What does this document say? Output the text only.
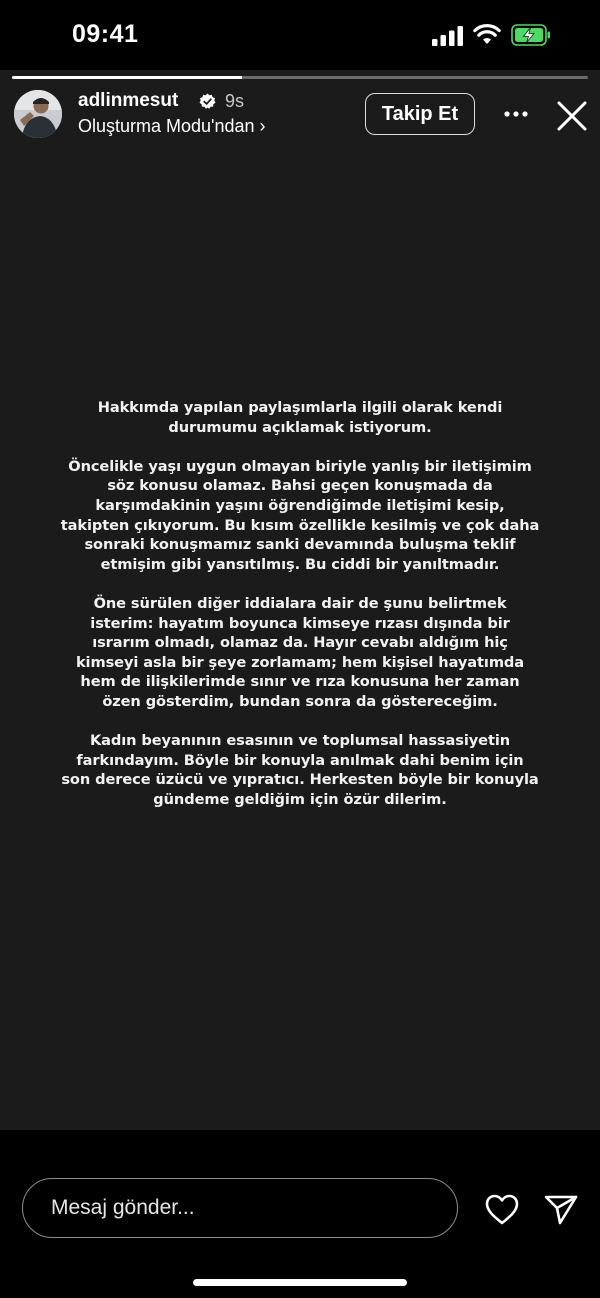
09:41
adlinmesut	9s
Oluşturma Modu'ndan ›
Takip Et

Hakkımda yapılan paylaşımlarla ilgili olarak kendi durumumu açıklamak istiyorum.

Öncelikle yaşı uygun olmayan biriyle yanlış bir iletişimim söz konusu olamaz. Bahsi geçen konuşmada da karşımdakinin yaşını öğrendiğimde iletişimi kesip, takipten çıkıyorum. Bu kısım özellikle kesilmiş ve çok daha sonraki konuşmamız sanki devamında buluşma teklif etmişim gibi yansıtılmış. Bu ciddi bir yanıltmadır.

Öne sürülen diğer iddialara dair de şunu belirtmek isterim: hayatım boyunca kimseye rızası dışında bir ısrarım olmadı, olamaz da. Hayır cevabı aldığım hiç kimseyi asla bir şeye zorlamam; hem kişisel hayatımda hem de ilişkilerimde sınır ve rıza konusuna her zaman özen gösterdim, bundan sonra da göstereceğim.

Kadın beyanının esasının ve toplumsal hassasiyetin farkındayım. Böyle bir konuyla anılmak dahi benim için son derece üzücü ve yıpratıcı. Herkesten böyle bir konuyla gündeme geldiğim için özür dilerim.

Mesaj gönder...
